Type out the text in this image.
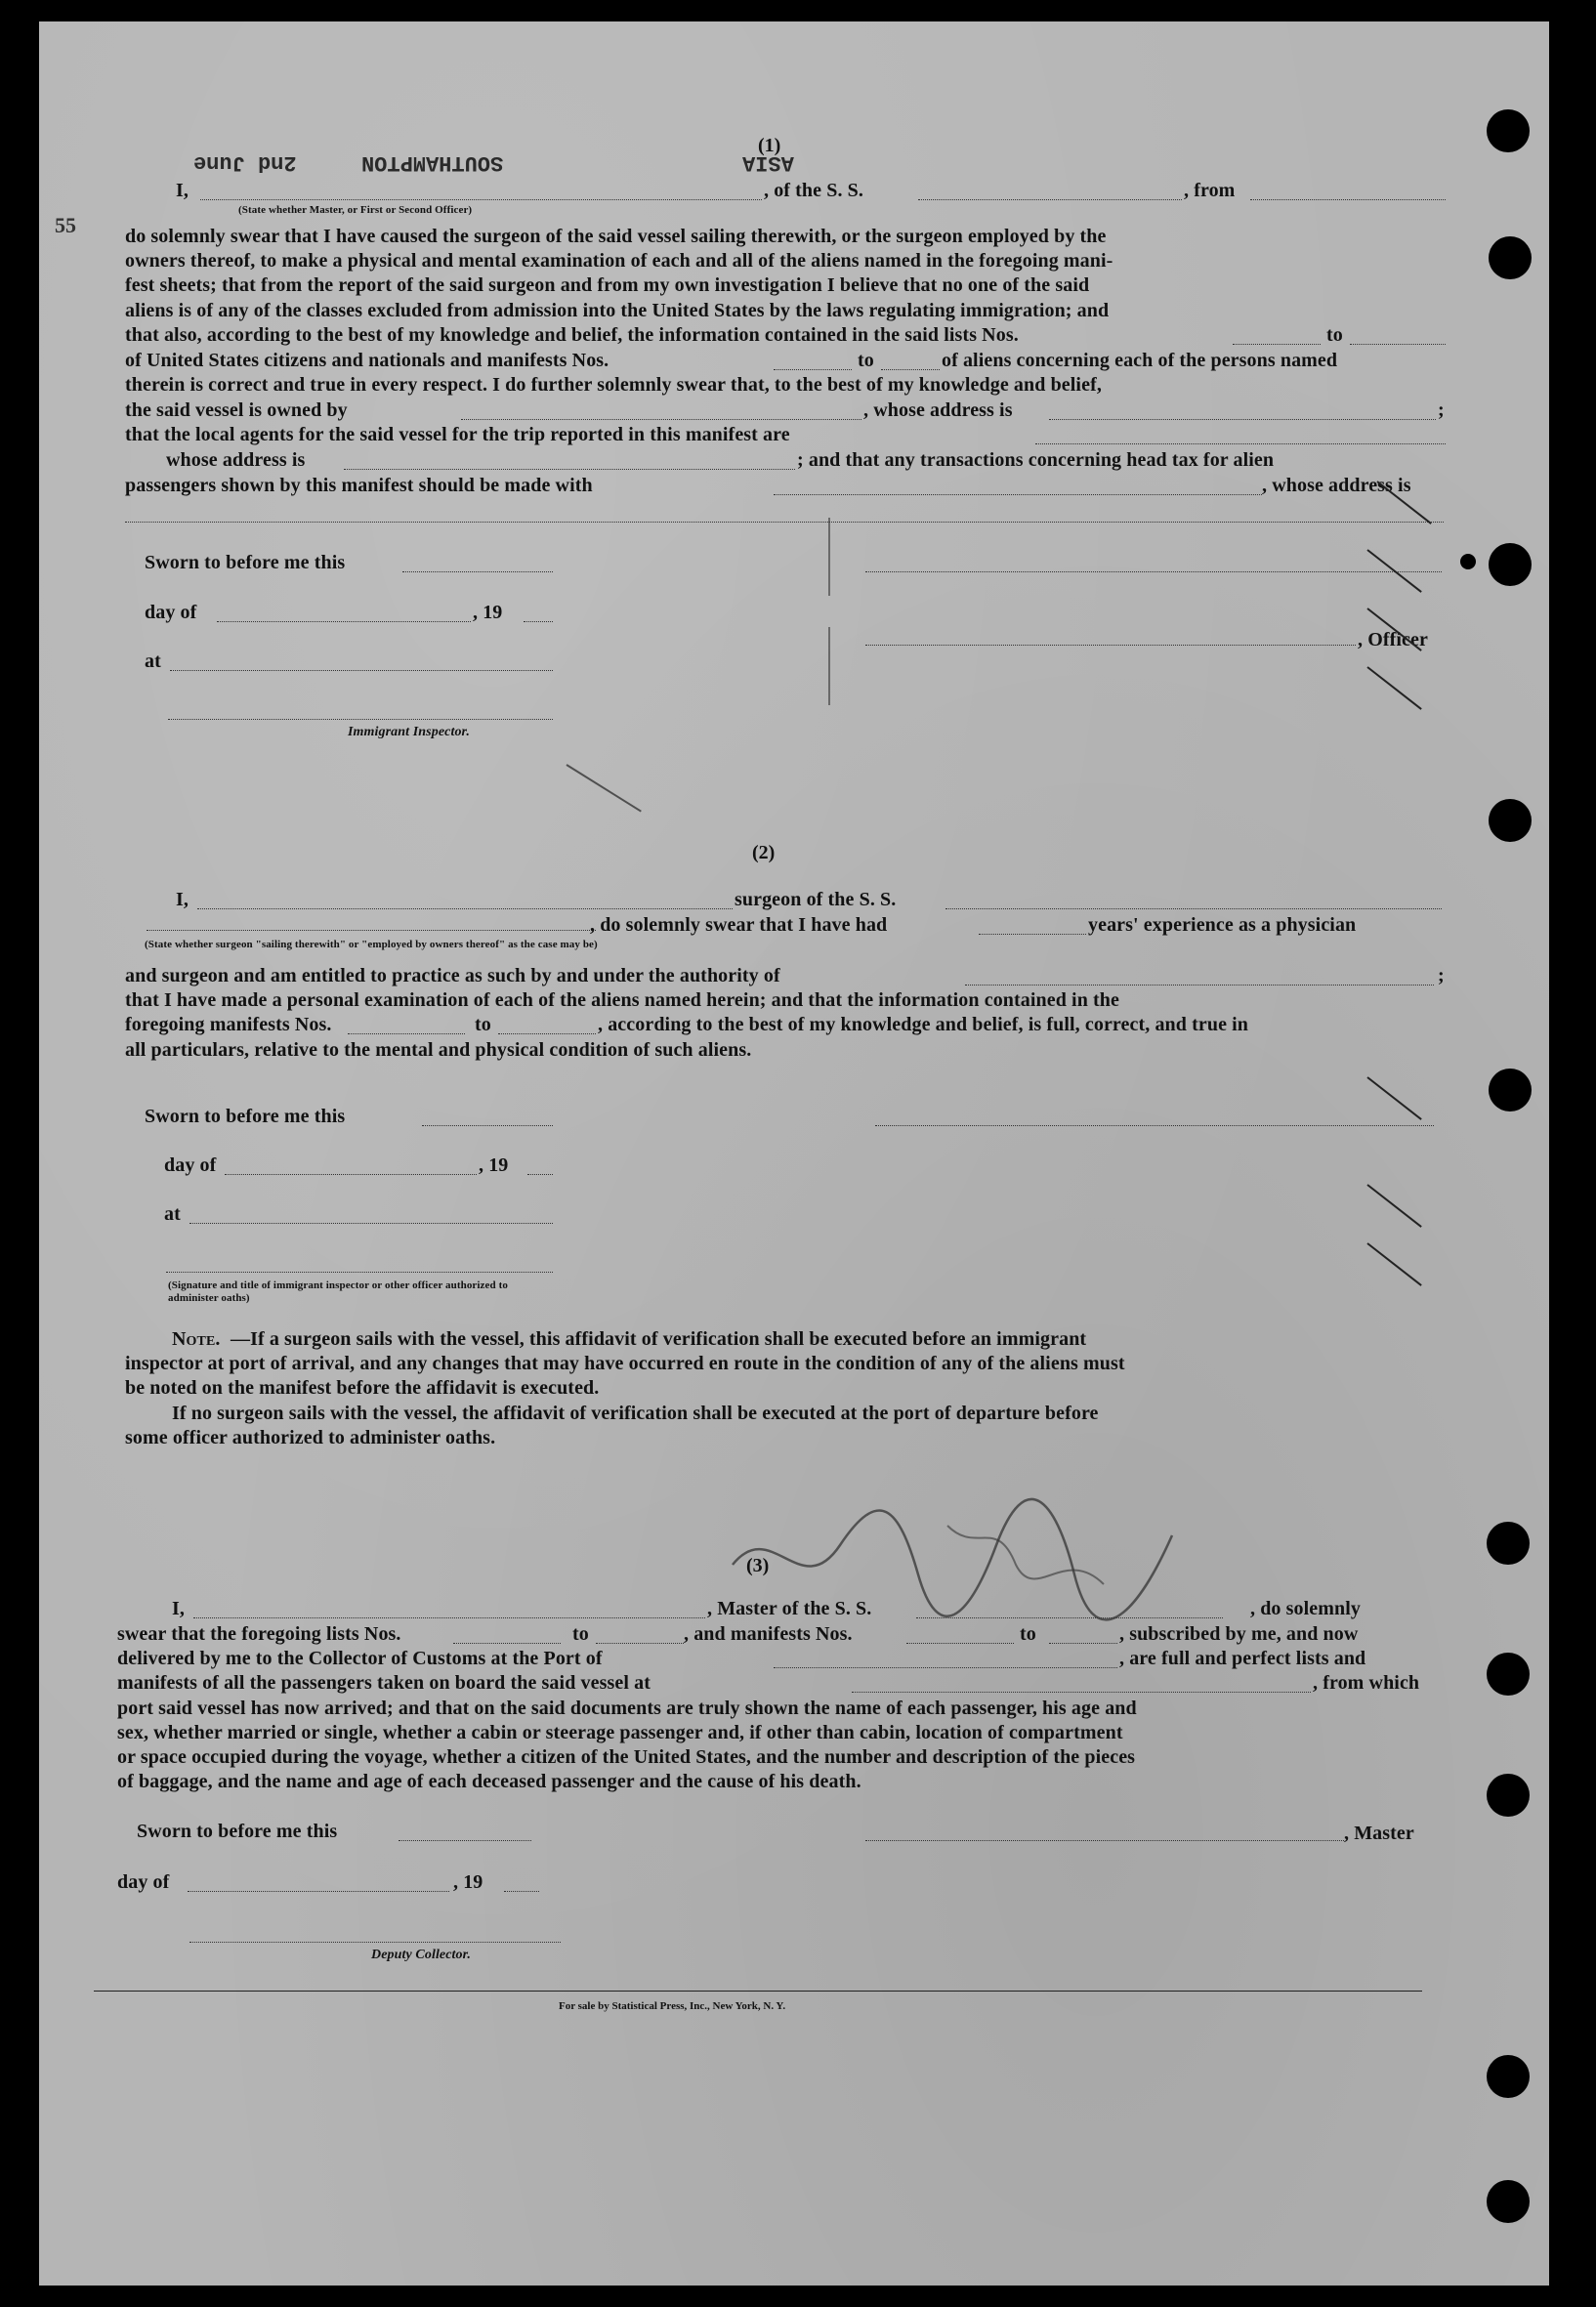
2nd June	SOUTHAMPTON	ASIA
55
(1)
I,	, of the S. S.	, from
(State whether Master, or First or Second Officer)
do solemnly swear that I have caused the surgeon of the said vessel sailing therewith, or the surgeon employed by the
owners thereof, to make a physical and mental examination of each and all of the aliens named in the foregoing mani-
fest sheets; that from the report of the said surgeon and from my own investigation I believe that no one of the said
aliens is of any of the classes excluded from admission into the United States by the laws regulating immigration; and
that also, according to the best of my knowledge and belief, the information contained in the said lists Nos.	to
of United States citizens and nationals and manifests Nos.	to	of aliens concerning each of the persons named
therein is correct and true in every respect. I do further solemnly swear that, to the best of my knowledge and belief,
the said vessel is owned by	, whose address is	;
that the local agents for the said vessel for the trip reported in this manifest are
whose address is	; and that any transactions concerning head tax for alien
passengers shown by this manifest should be made with	, whose address is
Sworn to before me this
day of	, 19
, Officer
at
Immigrant Inspector.
(2)
I,	surgeon of the S. S.
, do solemnly swear that I have had	years' experience as a physician
(State whether surgeon "sailing therewith" or "employed by owners thereof" as the case may be)
and surgeon and am entitled to practice as such by and under the authority of	;
that I have made a personal examination of each of the aliens named herein; and that the information contained in the
foregoing manifests Nos.	to	, according to the best of my knowledge and belief, is full, correct, and true in
all particulars, relative to the mental and physical condition of such aliens.
Sworn to before me this
day of	, 19
at
(Signature and title of immigrant inspector or other officer authorized to administer oaths)
Note. —If a surgeon sails with the vessel, this affidavit of verification shall be executed before an immigrant
inspector at port of arrival, and any changes that may have occurred en route in the condition of any of the aliens must
be noted on the manifest before the affidavit is executed.
If no surgeon sails with the vessel, the affidavit of verification shall be executed at the port of departure before
some officer authorized to administer oaths.
(3)
I,	, Master of the S. S.	, do solemnly
swear that the foregoing lists Nos.	to	, and manifests Nos.	to	, subscribed by me, and now
delivered by me to the Collector of Customs at the Port of	, are full and perfect lists and
manifests of all the passengers taken on board the said vessel at	, from which
port said vessel has now arrived; and that on the said documents are truly shown the name of each passenger, his age and
sex, whether married or single, whether a cabin or steerage passenger and, if other than cabin, location of compartment
or space occupied during the voyage, whether a citizen of the United States, and the number and description of the pieces
of baggage, and the name and age of each deceased passenger and the cause of his death.
Sworn to before me this	, Master
day of	, 19
Deputy Collector.
For sale by Statistical Press, Inc., New York, N. Y.
